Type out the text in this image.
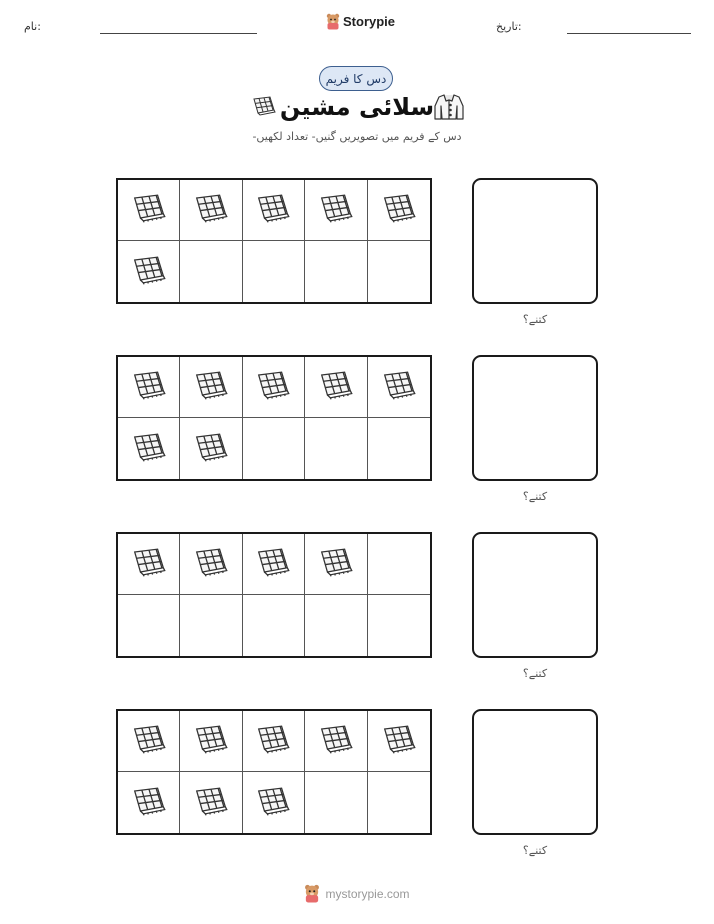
نام:	Storypie	تاریخ:
دس کا فریم
سلائی مشین
دس کے فریم میں تصویریں گنیں- تعداد لکھیں-
کتنے؟
کتنے؟
کتنے؟
کتنے؟
mystorypie.com
